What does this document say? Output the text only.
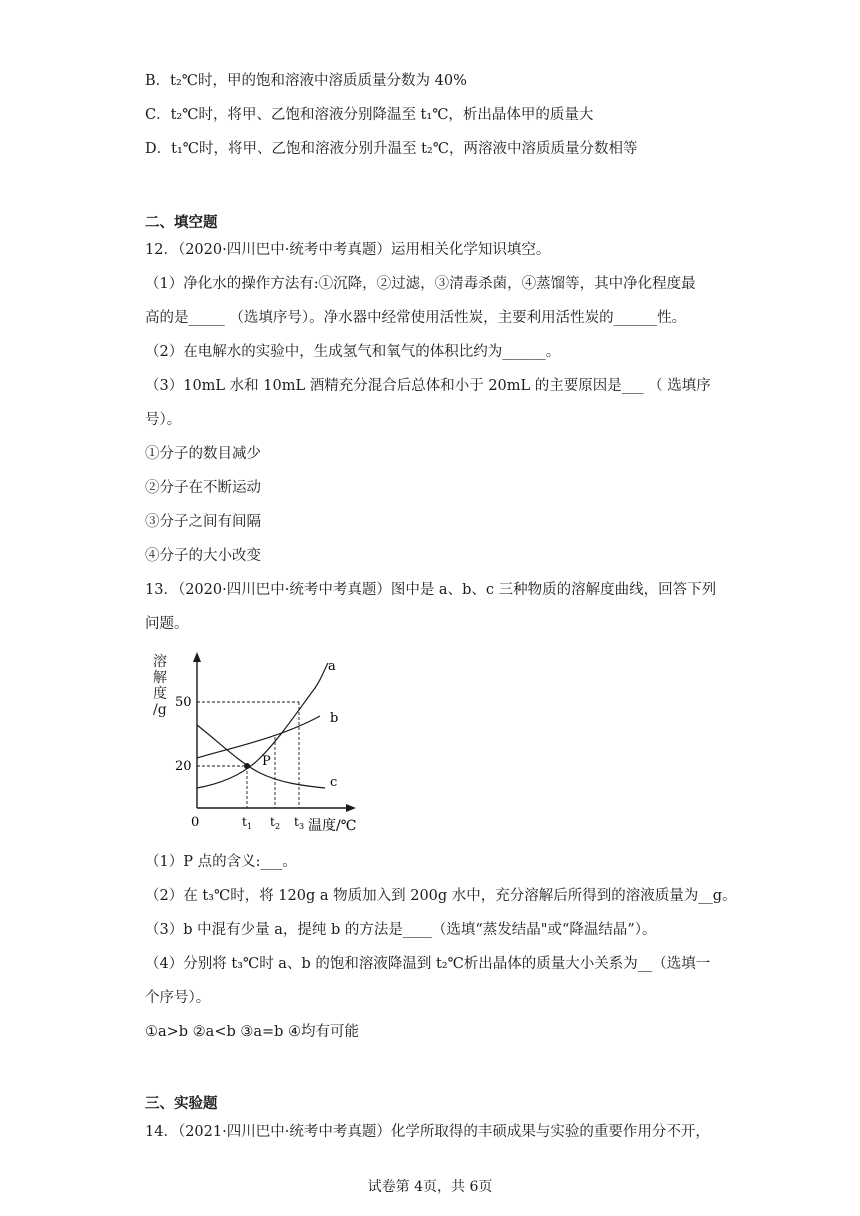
B．t₂℃时，甲的饱和溶液中溶质质量分数为 40%
C．t₂℃时，将甲、乙饱和溶液分别降温至 t₁℃，析出晶体甲的质量大
D．t₁℃时，将甲、乙饱和溶液分别升温至 t₂℃，两溶液中溶质质量分数相等
二、填空题
12．（2020·四川巴中·统考中考真题）运用相关化学知识填空。
（1）净化水的操作方法有:①沉降，②过滤，③清毒杀菌，④蒸馏等，其中净化程度最
高的是_____ （选填序号）。净水器中经常使用活性炭，主要利用活性炭的______性。
（2）在电解水的实验中，生成氢气和氧气的体积比约为______。
（3）10mL 水和 10mL 酒精充分混合后总体和小于 20mL 的主要原因是___ （ 选填序
号）。
①分子的数目减少
②分子在不断运动
③分子之间有间隔
④分子的大小改变
13．（2020·四川巴中·统考中考真题）图中是 a、b、c 三种物质的溶解度曲线，回答下列
问题。
溶
解
度
/g
P
a
b
c
50
20
0	t 1 t 2 t 3 温度/℃
（1）P 点的含义:___。
（2）在 t₃℃时，将 120g a 物质加入到 200g 水中，充分溶解后所得到的溶液质量为__g。
（3）b 中混有少量 a，提纯 b 的方法是____（选填“蒸发结晶"或“降温结晶”）。
（4）分别将 t₃℃时 a、b 的饱和溶液降温到 t₂℃析出晶体的质量大小关系为__（选填一
个序号）。
①a>b ②a<b ③a=b ④均有可能
三、实验题
14．（2021·四川巴中·统考中考真题）化学所取得的丰硕成果与实验的重要作用分不开，
试卷第 4页，共 6页
